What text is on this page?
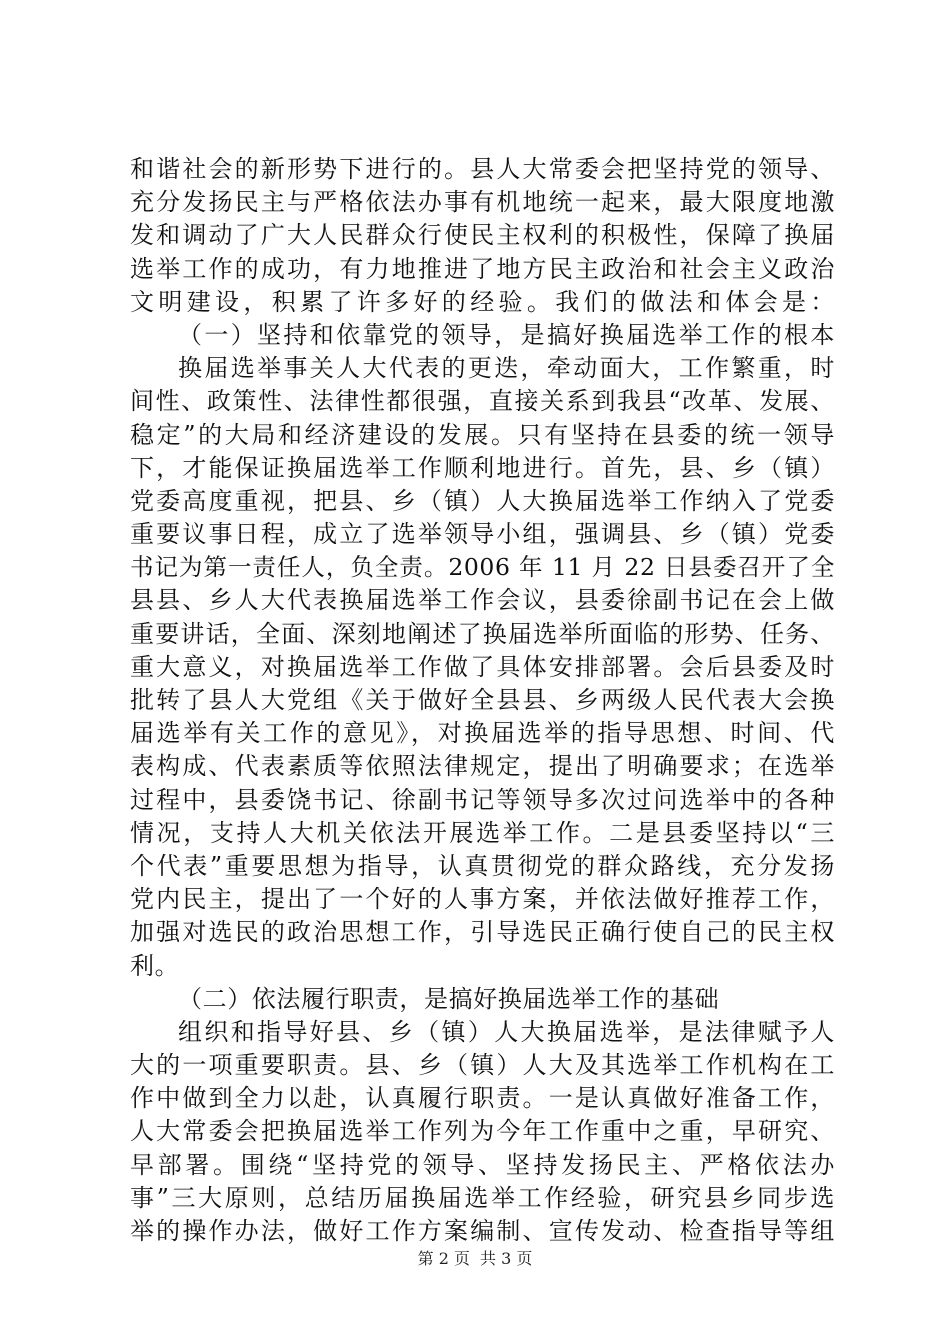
和谐社会的新形势下进行的。县人大常委会把坚持党的领导、
充分发扬民主与严格依法办事有机地统一起来，最大限度地激
发和调动了广大人民群众行使民主权利的积极性，保障了换届
选举工作的成功，有力地推进了地方民主政治和社会主义政治
文明建设，积累了许多好的经验。我们的做法和体会是：
（一）坚持和依靠党的领导，是搞好换届选举工作的根本
换届选举事关人大代表的更迭，牵动面大，工作繁重，时
间性、政策性、法律性都很强，直接关系到我县“改革、发展、
稳定”的大局和经济建设的发展。只有坚持在县委的统一领导
下，才能保证换届选举工作顺利地进行。首先，县、乡（镇）
党委高度重视，把县、乡（镇）人大换届选举工作纳入了党委
重要议事日程，成立了选举领导小组，强调县、乡（镇）党委
书记为第一责任人，负全责。2006 年 11 月 22 日县委召开了全
县县、乡人大代表换届选举工作会议，县委徐副书记在会上做
重要讲话，全面、深刻地阐述了换届选举所面临的形势、任务、
重大意义，对换届选举工作做了具体安排部署。会后县委及时
批转了县人大党组《关于做好全县县、乡两级人民代表大会换
届选举有关工作的意见》，对换届选举的指导思想、时间、代
表构成、代表素质等依照法律规定，提出了明确要求；在选举
过程中，县委饶书记、徐副书记等领导多次过问选举中的各种
情况，支持人大机关依法开展选举工作。二是县委坚持以“三
个代表”重要思想为指导，认真贯彻党的群众路线，充分发扬
党内民主，提出了一个好的人事方案，并依法做好推荐工作，
加强对选民的政治思想工作，引导选民正确行使自己的民主权
利。
（二）依法履行职责，是搞好换届选举工作的基础
组织和指导好县、乡（镇）人大换届选举，是法律赋予人
大的一项重要职责。县、乡（镇）人大及其选举工作机构在工
作中做到全力以赴，认真履行职责。一是认真做好准备工作，
人大常委会把换届选举工作列为今年工作重中之重，早研究、
早部署。围绕“坚持党的领导、坚持发扬民主、严格依法办
事”三大原则，总结历届换届选举工作经验，研究县乡同步选
举的操作办法，做好工作方案编制、宣传发动、检查指导等组
第 2 页 共 3 页
